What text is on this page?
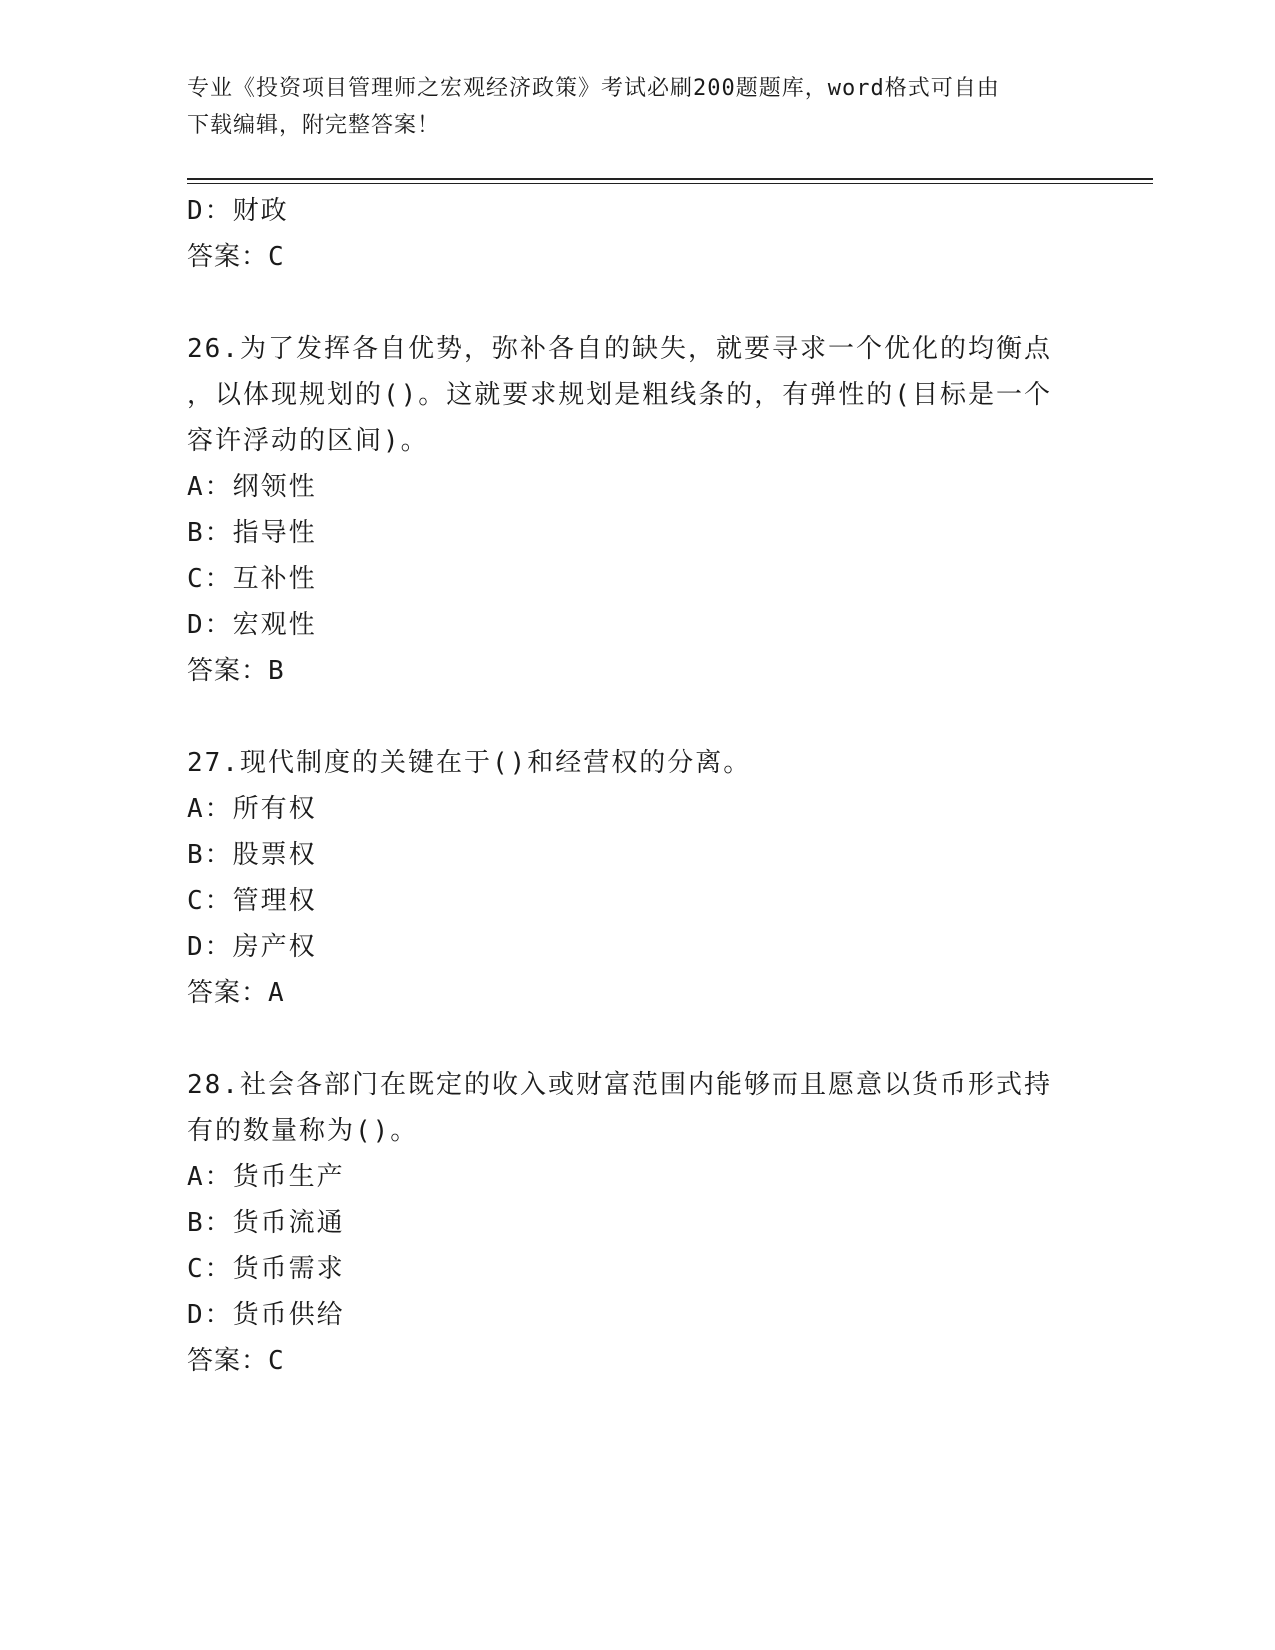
专业《投资项目管理师之宏观经济政策》考试必刷200题题库，word格式可自由
下载编辑，附完整答案！
D：财政
答案：C
26.为了发挥各自优势，弥补各自的缺失，就要寻求一个优化的均衡点
，以体现规划的()。这就要求规划是粗线条的，有弹性的(目标是一个
容许浮动的区间)。
A：纲领性
B：指导性
C：互补性
D：宏观性
答案：B
27.现代制度的关键在于()和经营权的分离。
A：所有权
B：股票权
C：管理权
D：房产权
答案：A
28.社会各部门在既定的收入或财富范围内能够而且愿意以货币形式持
有的数量称为()。
A：货币生产
B：货币流通
C：货币需求
D：货币供给
答案：C
